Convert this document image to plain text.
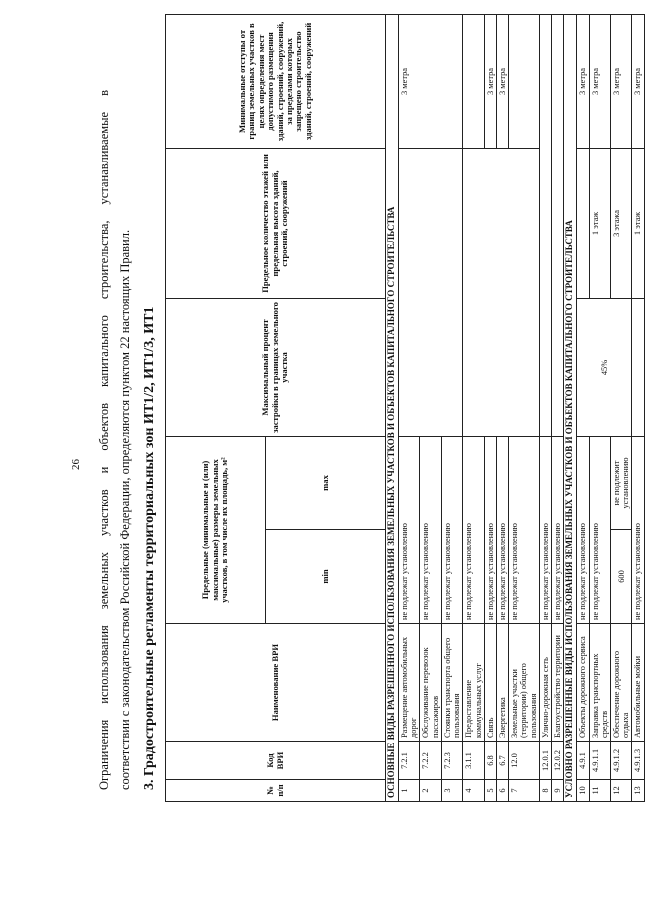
26 Ограничения использования земельных участков и объектов капитального строительства, устанавливаемые в соответствии с законодательством Российской Федерации, определяются пунктом 22 настоящих Правил. 3. Градостроительные регламенты территориальных зон ИТ1/2, ИТ1/3, ИТ1
№ п/п	Код ВРИ	Наименование ВРИ	Предельные (минимальные и (или) максимальные) размеры земельных участков, в том числе их площадь, м²		Максимальный процент застройки в границах земельного участка	Предельное количество этажей или предельная высота зданий, строений, сооружений	Минимальные отступы от границ земельных участков в целях определения мест допустимого размещения зданий, строений, сооружений, за пределами которых запрещено строительство зданий, строений, сооружений
			min	max			
ОСНОВНЫЕ ВИДЫ РАЗРЕШЕННОГО ИСПОЛЬЗОВАНИЯ ЗЕМЕЛЬНЫХ УЧАСТКОВ И ОБЪЕКТОВ КАПИТАЛЬНОГО СТРОИТЕЛЬСТВА							
1	7.2.1	Размещение автомобильных дорог	не подлежат установлению				3 метра
2	7.2.2	Обслуживание перевозок пассажиров	не подлежат установлению				
3	7.2.3	Стоянки транспорта общего пользования	не подлежат установлению				
4	3.1.1	Предоставление коммунальных услуг	не подлежат установлению				
5	6.8	Связь	не подлежат установлению				3 метра
6	6.7	Энергетика	не подлежат установлению				3 метра
7	12.0	Земельные участки (территории) общего пользования	не подлежат установлению				
8	12.0.1	Улично-дорожная сеть	не подлежат установлению				
9	12.0.2	Благоустройство территории	не подлежат установлению				
УСЛОВНО РАЗРЕШЕННЫЕ ВИДЫ ИСПОЛЬЗОВАНИЯ ЗЕМЕЛЬНЫХ УЧАСТКОВ И ОБЪЕКТОВ КАПИТАЛЬНОГО СТРОИТЕЛЬСТВА							
10	4.9.1	Объекты дорожного сервиса	не подлежат установлению		45%		3 метра
11	4.9.1.1	Заправка транспортных средств	не подлежат установлению			1 этаж	3 метра
12	4.9.1.2	Обеспечение дорожного отдыха	600	не подлежит установлению		3 этажа	3 метра
13	4.9.1.3	Автомобильные мойки	не подлежат установлению			1 этаж	3 метра
